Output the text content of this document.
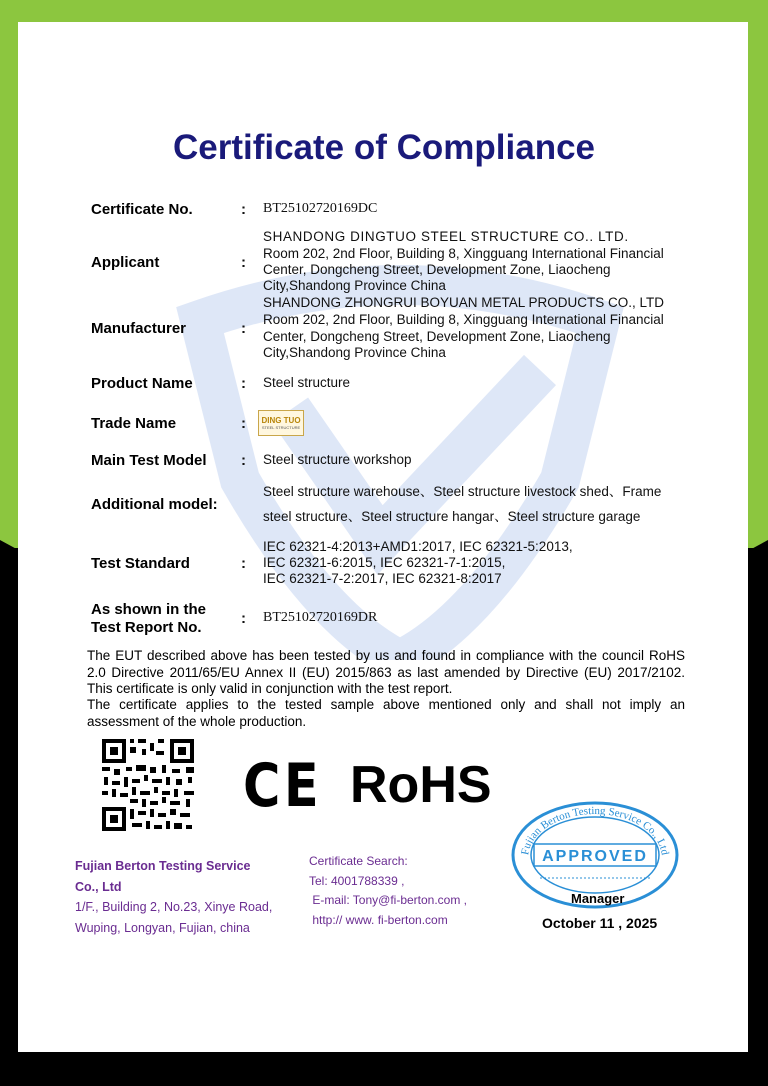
Certificate of Compliance
Certificate No.	: BT25102720169DC
Applicant	:
SHANDONG DINGTUO STEEL STRUCTURE CO.. LTD.
Room 202, 2nd Floor, Building 8, Xingguang International Financial
Center, Dongcheng Street, Development Zone, Liaocheng
City,Shandong Province China
Manufacturer	:
SHANDONG ZHONGRUI BOYUAN METAL PRODUCTS CO., LTD
Room 202, 2nd Floor, Building 8, Xingguang International Financial
Center, Dongcheng Street, Development Zone, Liaocheng
City,Shandong Province China
Product Name	: Steel structure
Trade Name	: DING TUO
STEEL STRUCTURE
Main Test Model : Steel structure workshop
Additional model:
Steel structure warehouse、Steel structure livestock shed、Frame
steel structure、Steel structure hangar、Steel structure garage
Test Standard	:
IEC 62321-4:2013+AMD1:2017, IEC 62321-5:2013,
IEC 62321-6:2015, IEC 62321-7-1:2015,
IEC 62321-7-2:2017, IEC 62321-8:2017
As shown in the
Test Report No.
: BT25102720169DR
The EUT described above has been tested by us and found in compliance with the council RoHS 2.0 Directive 2011/65/EU Annex II (EU) 2015/863 as last amended by Directive (EU) 2017/2102. This certificate is only valid in conjunction with the test report.
The certificate applies to the tested sample above mentioned only and shall not imply an assessment of the whole production.
CE RoHS
Fujian Berton Testing Service
Co., Ltd
1/F., Building 2, No.23, Xinye Road,
Wuping, Longyan, Fujian, china
Certificate Search:
Tel: 4001788339 ,
E-mail: Tony@fi-berton.com ,
http:// www. fi-berton.com
Fujian Berton Testing Service Co., Ltd
APPROVED
Manager
October 11 , 2025
